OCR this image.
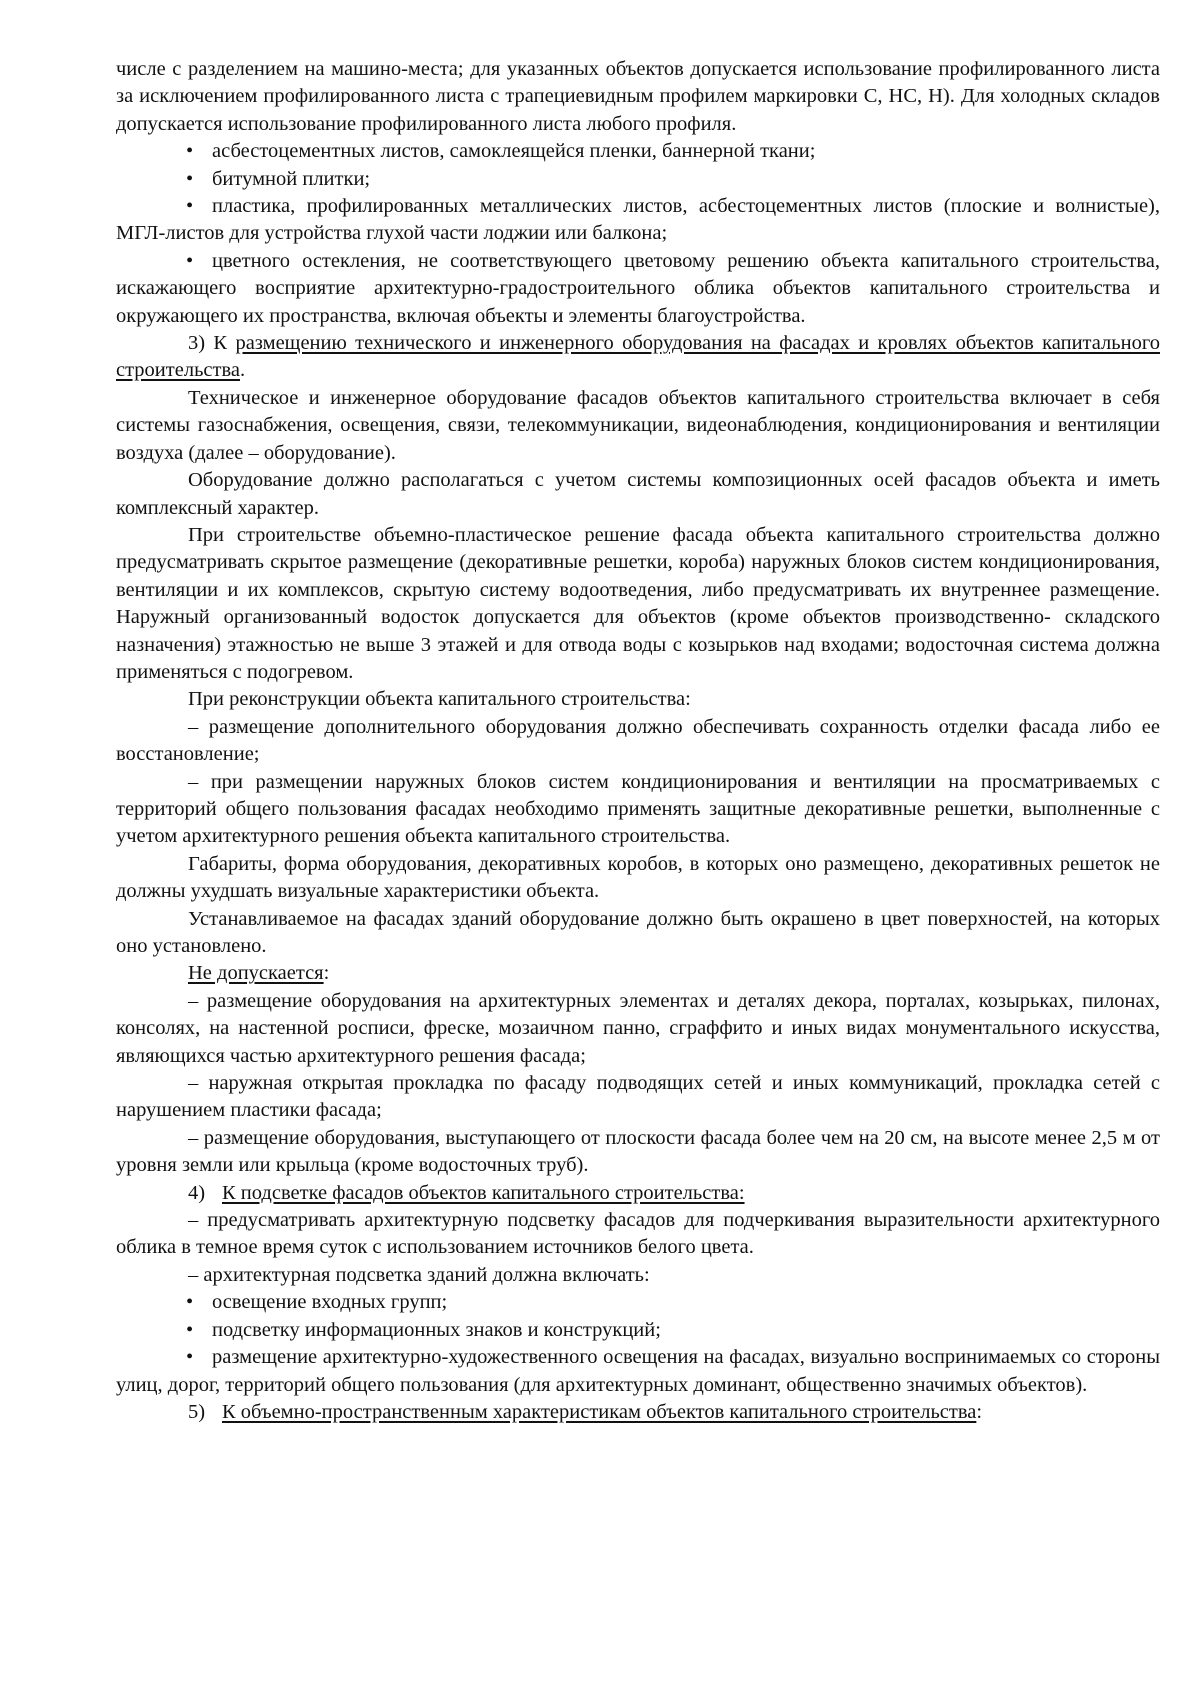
числе с разделением на машино-места; для указанных объектов допускается использование профилированного листа за исключением профилированного листа с трапециевидным профилем маркировки С, НС, Н). Для холодных складов допускается использование профилированного листа любого профиля.

• асбестоцементных листов, самоклеящейся пленки, баннерной ткани;

• битумной плитки;

• пластика, профилированных металлических листов, асбестоцементных листов (плоские и волнистые), МГЛ-листов для устройства глухой части лоджии или балкона;

• цветного остекления, не соответствующего цветовому решению объекта капитального строительства, искажающего восприятие архитектурно-градостроительного облика объектов капитального строительства и окружающего их пространства, включая объекты и элементы благоустройства.

3) К размещению технического и инженерного оборудования на фасадах и кровлях объектов капитального строительства.

Техническое и инженерное оборудование фасадов объектов капитального строительства включает в себя системы газоснабжения, освещения, связи, телекоммуникации, видеонаблюдения, кондиционирования и вентиляции воздуха (далее – оборудование).

Оборудование должно располагаться с учетом системы композиционных осей фасадов объекта и иметь комплексный характер.

При строительстве объемно-пластическое решение фасада объекта капитального строительства должно предусматривать скрытое размещение (декоративные решетки, короба) наружных блоков систем кондиционирования, вентиляции и их комплексов, скрытую систему водоотведения, либо предусматривать их внутреннее размещение. Наружный организованный водосток допускается для объектов (кроме объектов производственно- складского назначения) этажностью не выше 3 этажей и для отвода воды с козырьков над входами; водосточная система должна применяться с подогревом.

При реконструкции объекта капитального строительства:

– размещение дополнительного оборудования должно обеспечивать сохранность отделки фасада либо ее восстановление;

– при размещении наружных блоков систем кондиционирования и вентиляции на просматриваемых с территорий общего пользования фасадах необходимо применять защитные декоративные решетки, выполненные с учетом архитектурного решения объекта капитального строительства.

Габариты, форма оборудования, декоративных коробов, в которых оно размещено, декоративных решеток не должны ухудшать визуальные характеристики объекта.

Устанавливаемое на фасадах зданий оборудование должно быть окрашено в цвет поверхностей, на которых оно установлено.

Не допускается:

– размещение оборудования на архитектурных элементах и деталях декора, порталах, козырьках, пилонах, консолях, на настенной росписи, фреске, мозаичном панно, сграффито и иных видах монументального искусства, являющихся частью архитектурного решения фасада;

– наружная открытая прокладка по фасаду подводящих сетей и иных коммуникаций, прокладка сетей с нарушением пластики фасада;

– размещение оборудования, выступающего от плоскости фасада более чем на 20 см, на высоте менее 2,5 м от уровня земли или крыльца (кроме водосточных труб).

4) К подсветке фасадов объектов капитального строительства:

– предусматривать архитектурную подсветку фасадов для подчеркивания выразительности архитектурного облика в темное время суток с использованием источников белого цвета.

– архитектурная подсветка зданий должна включать:

• освещение входных групп;

• подсветку информационных знаков и конструкций;

• размещение архитектурно-художественного освещения на фасадах, визуально воспринимаемых со стороны улиц, дорог, территорий общего пользования (для архитектурных доминант, общественно значимых объектов).

5) К объемно-пространственным характеристикам объектов капитального строительства:
